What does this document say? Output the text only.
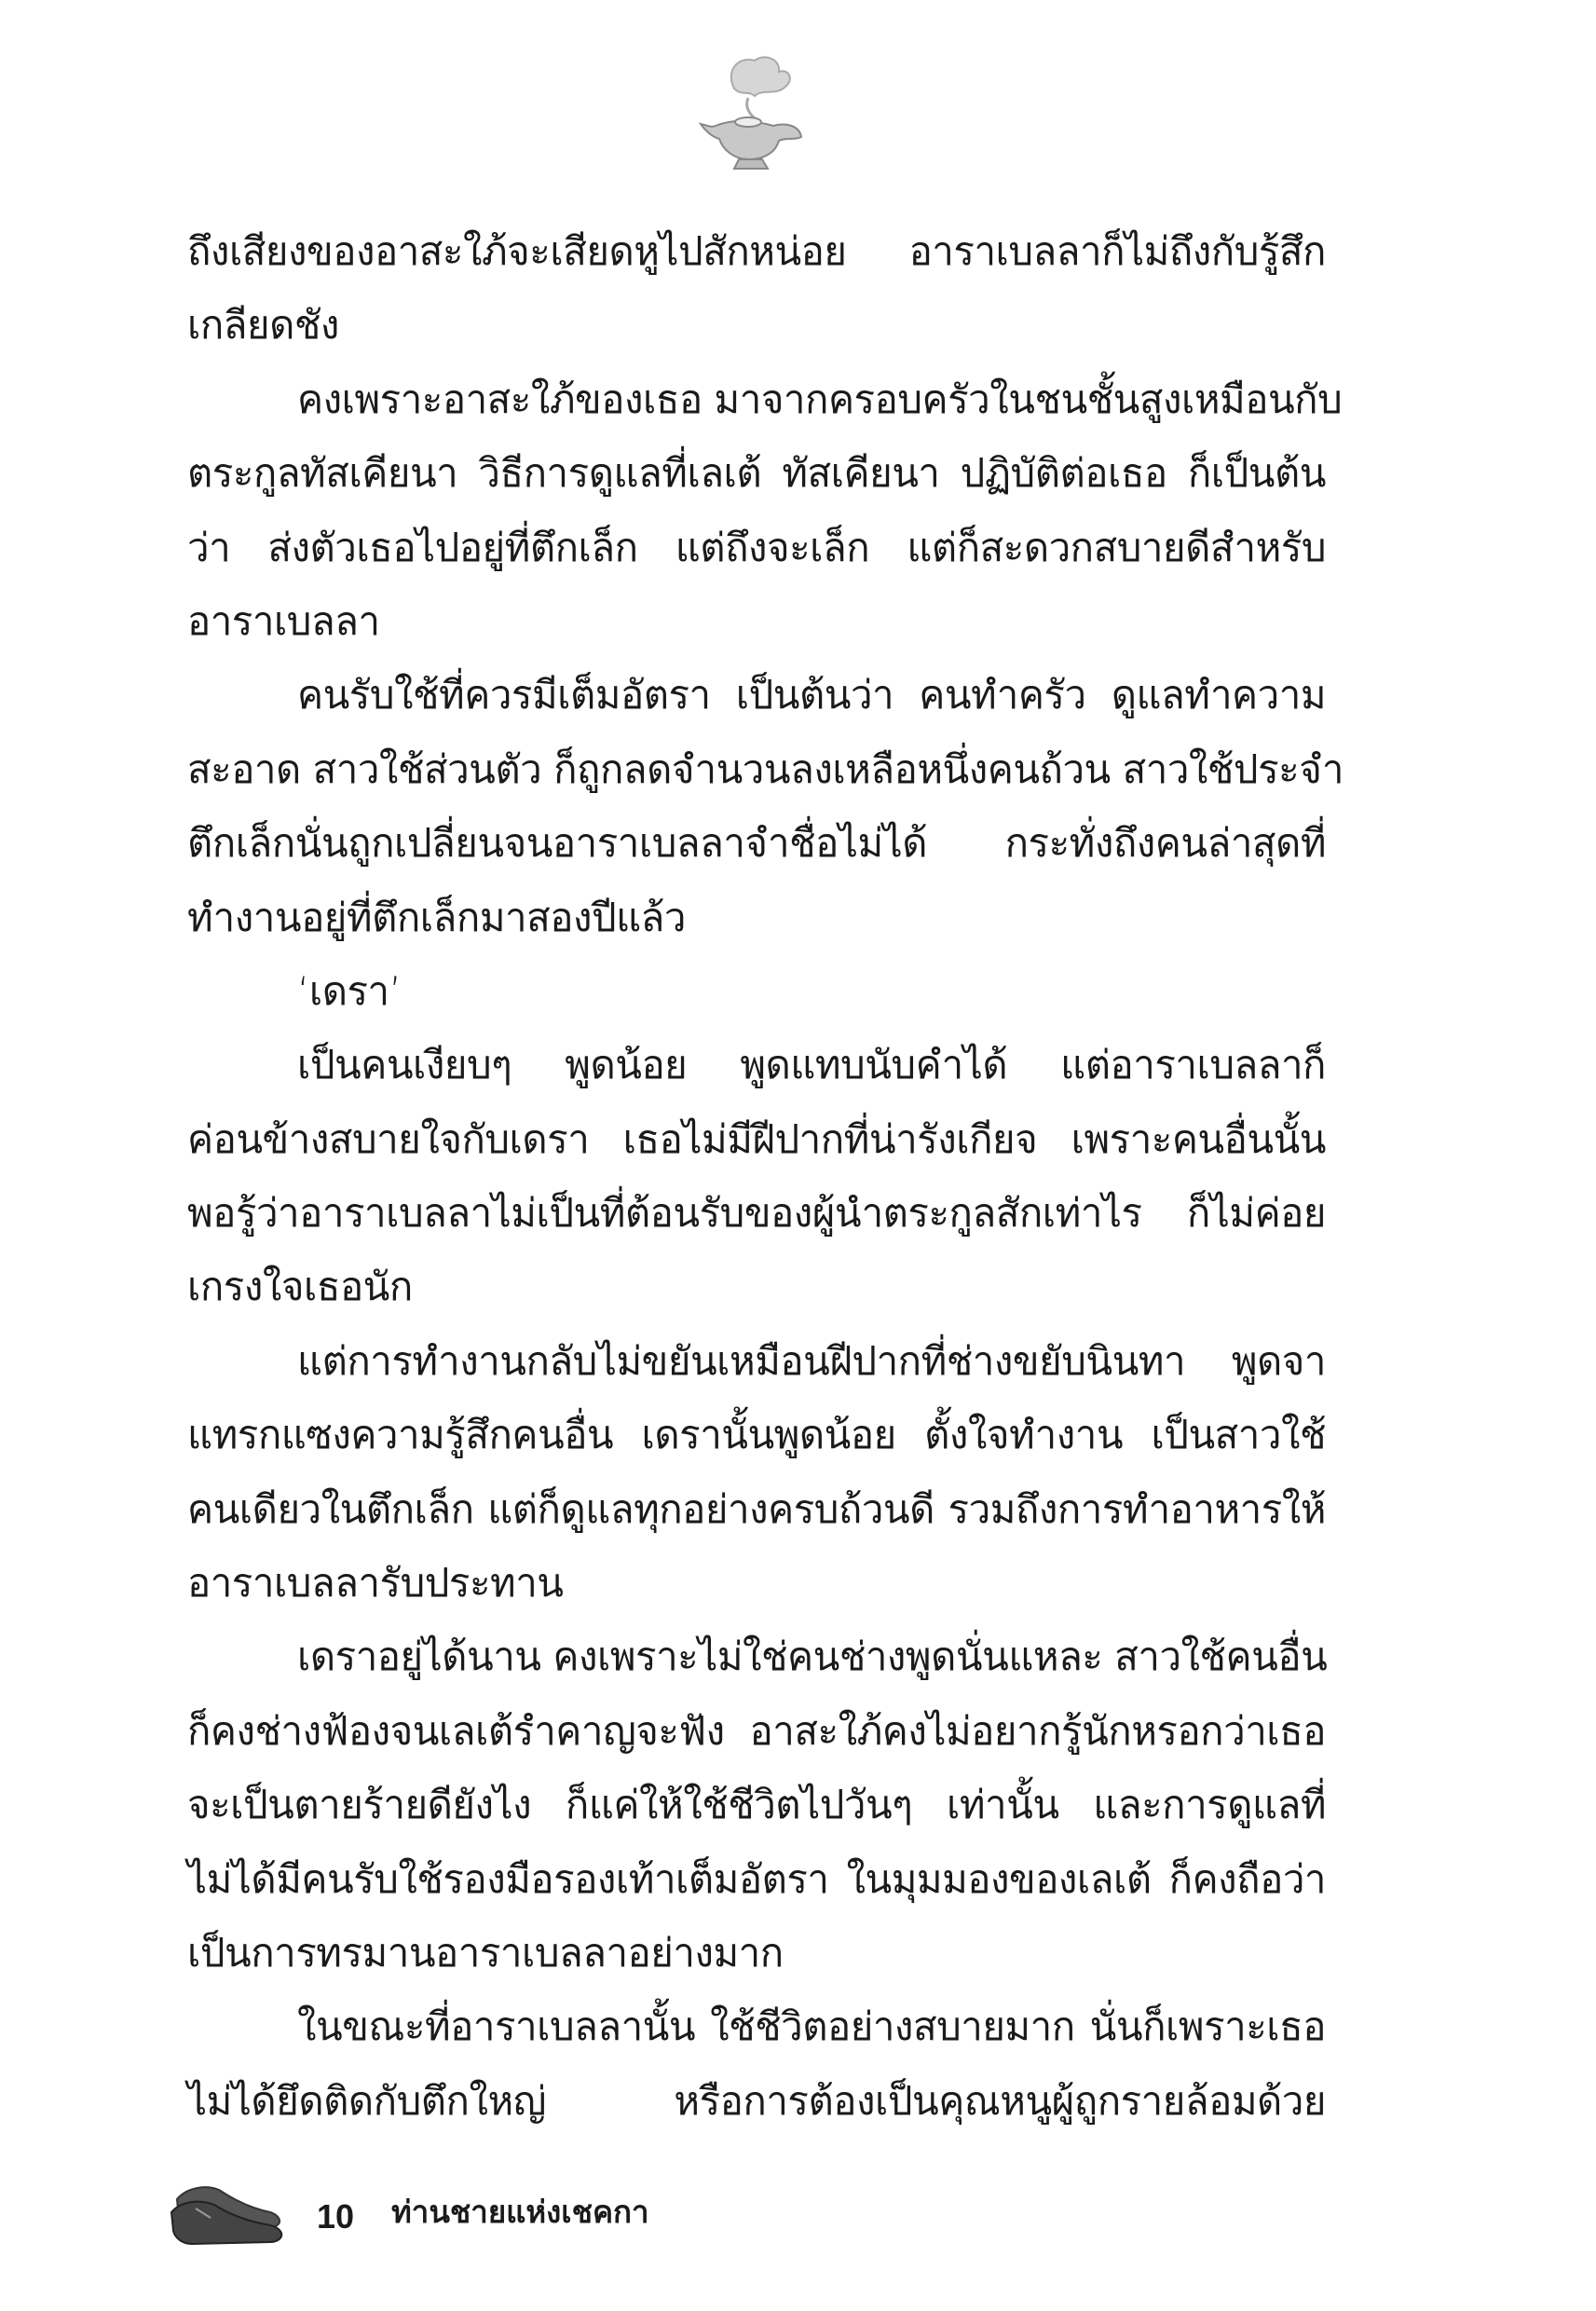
ถึงเสียงของอาสะใภ้จะเสียดหูไปสักหน่อย อาราเบลลาก็ไม่ถึงกับรู้สึก
เกลียดชัง
คงเพราะอาสะใภ้ของเธอ มาจากครอบครัวในชนชั้นสูงเหมือนกับ
ตระกูลทัสเคียนา วิธีการดูแลที่เลเต้ ทัสเคียนา ปฏิบัติต่อเธอ ก็เป็นต้น
ว่า ส่งตัวเธอไปอยู่ที่ตึกเล็ก แต่ถึงจะเล็ก แต่ก็สะดวกสบายดีสำหรับ
อาราเบลลา
คนรับใช้ที่ควรมีเต็มอัตรา เป็นต้นว่า คนทำครัว ดูแลทำความ
สะอาด สาวใช้ส่วนตัว ก็ถูกลดจำนวนลงเหลือหนึ่งคนถ้วน สาวใช้ประจำ
ตึกเล็กนั่นถูกเปลี่ยนจนอาราเบลลาจำชื่อไม่ได้ กระทั่งถึงคนล่าสุดที่
ทำงานอยู่ที่ตึกเล็กมาสองปีแล้ว
‘เดรา’
เป็นคนเงียบๆ พูดน้อย พูดแทบนับคำได้ แต่อาราเบลลาก็
ค่อนข้างสบายใจกับเดรา เธอไม่มีฝีปากที่น่ารังเกียจ เพราะคนอื่นนั้น
พอรู้ว่าอาราเบลลาไม่เป็นที่ต้อนรับของผู้นำตระกูลสักเท่าไร ก็ไม่ค่อย
เกรงใจเธอนัก
แต่การทำงานกลับไม่ขยันเหมือนฝีปากที่ช่างขยับนินทา พูดจา
แทรกแซงความรู้สึกคนอื่น เดรานั้นพูดน้อย ตั้งใจทำงาน เป็นสาวใช้
คนเดียวในตึกเล็ก แต่ก็ดูแลทุกอย่างครบถ้วนดี รวมถึงการทำอาหารให้
อาราเบลลารับประทาน
เดราอยู่ได้นาน คงเพราะไม่ใช่คนช่างพูดนั่นแหละ สาวใช้คนอื่น
ก็คงช่างฟ้องจนเลเต้รำคาญจะฟัง อาสะใภ้คงไม่อยากรู้นักหรอกว่าเธอ
จะเป็นตายร้ายดียังไง ก็แค่ให้ใช้ชีวิตไปวันๆ เท่านั้น และการดูแลที่
ไม่ได้มีคนรับใช้รองมือรองเท้าเต็มอัตรา ในมุมมองของเลเต้ ก็คงถือว่า
เป็นการทรมานอาราเบลลาอย่างมาก
ในขณะที่อาราเบลลานั้น ใช้ชีวิตอย่างสบายมาก นั่นก็เพราะเธอ
ไม่ได้ยึดติดกับตึกใหญ่ หรือการต้องเป็นคุณหนูผู้ถูกรายล้อมด้วย
10 ท่านชายแห่งเชคกา
